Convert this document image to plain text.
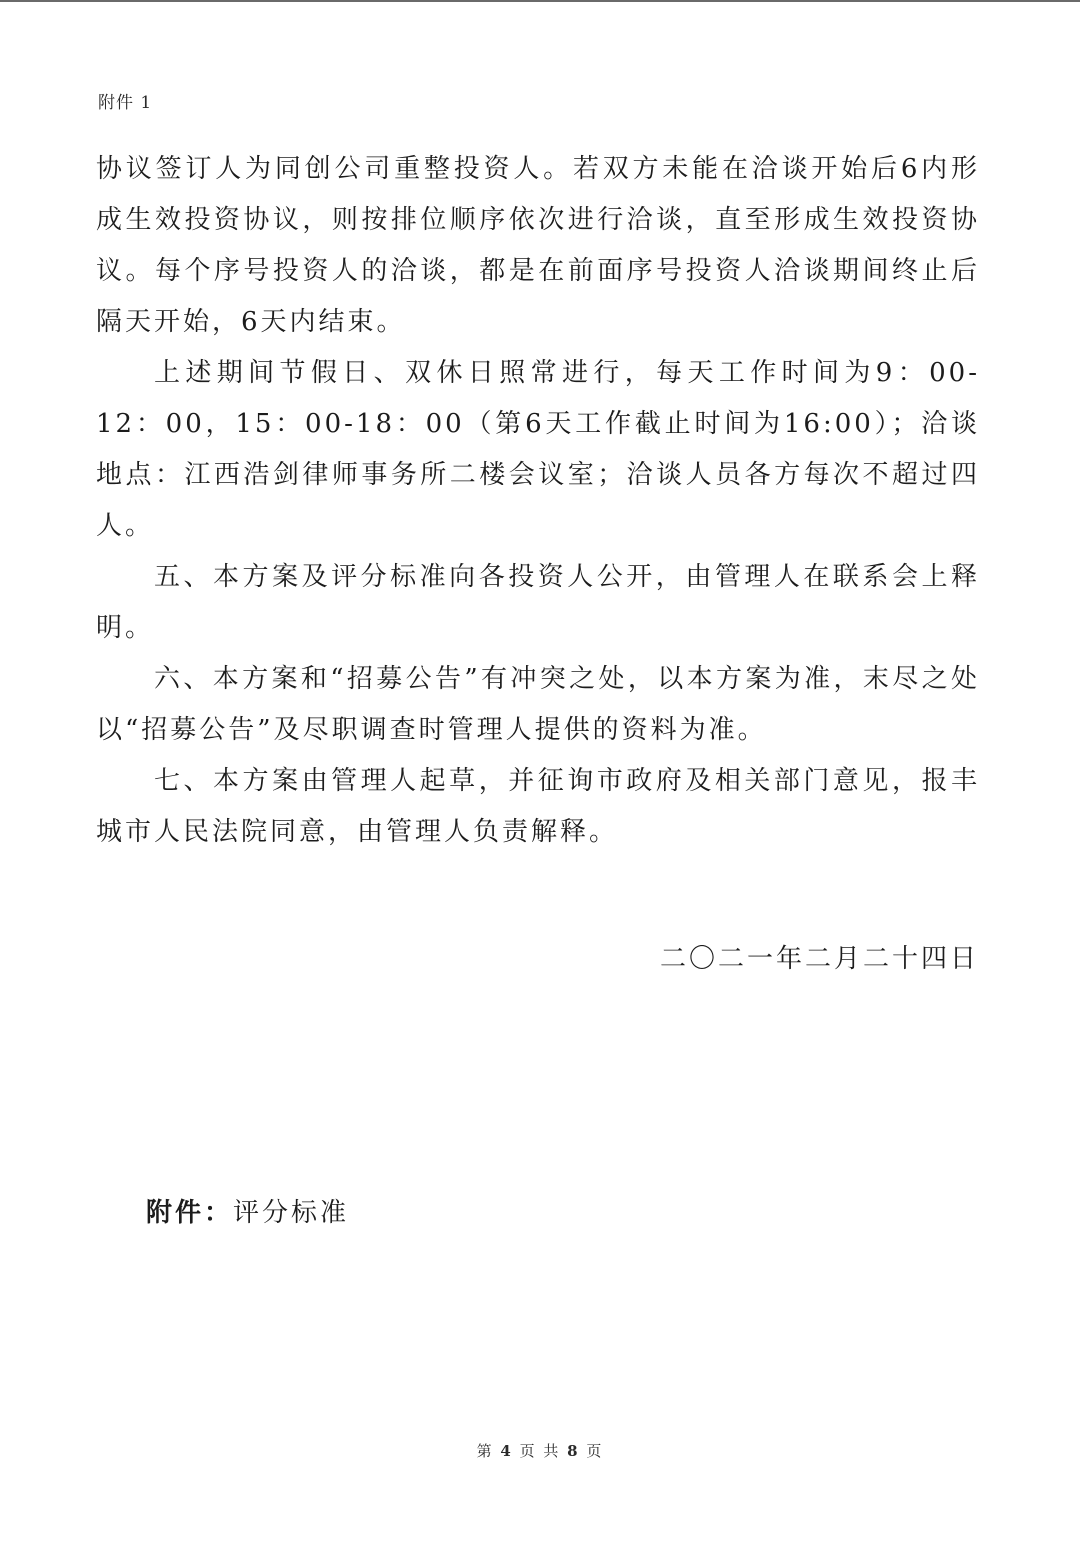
附件 1

协议签订人为同创公司重整投资人。若双方未能在洽谈开始后6内形成生效投资协议，则按排位顺序依次进行洽谈，直至形成生效投资协议。每个序号投资人的洽谈，都是在前面序号投资人洽谈期间终止后隔天开始，6天内结束。

上述期间节假日、双休日照常进行，每天工作时间为9：00-12：00，15：00-18：00（第6天工作截止时间为16:00）；洽谈地点：江西浩剑律师事务所二楼会议室；洽谈人员各方每次不超过四人。

五、本方案及评分标准向各投资人公开，由管理人在联系会上释明。

六、本方案和“招募公告”有冲突之处，以本方案为准，末尽之处以“招募公告”及尽职调查时管理人提供的资料为准。

七、本方案由管理人起草，并征询市政府及相关部门意见，报丰城市人民法院同意，由管理人负责解释。

二〇二一年二月二十四日
附件：评分标准
第 4 页 共 8 页
